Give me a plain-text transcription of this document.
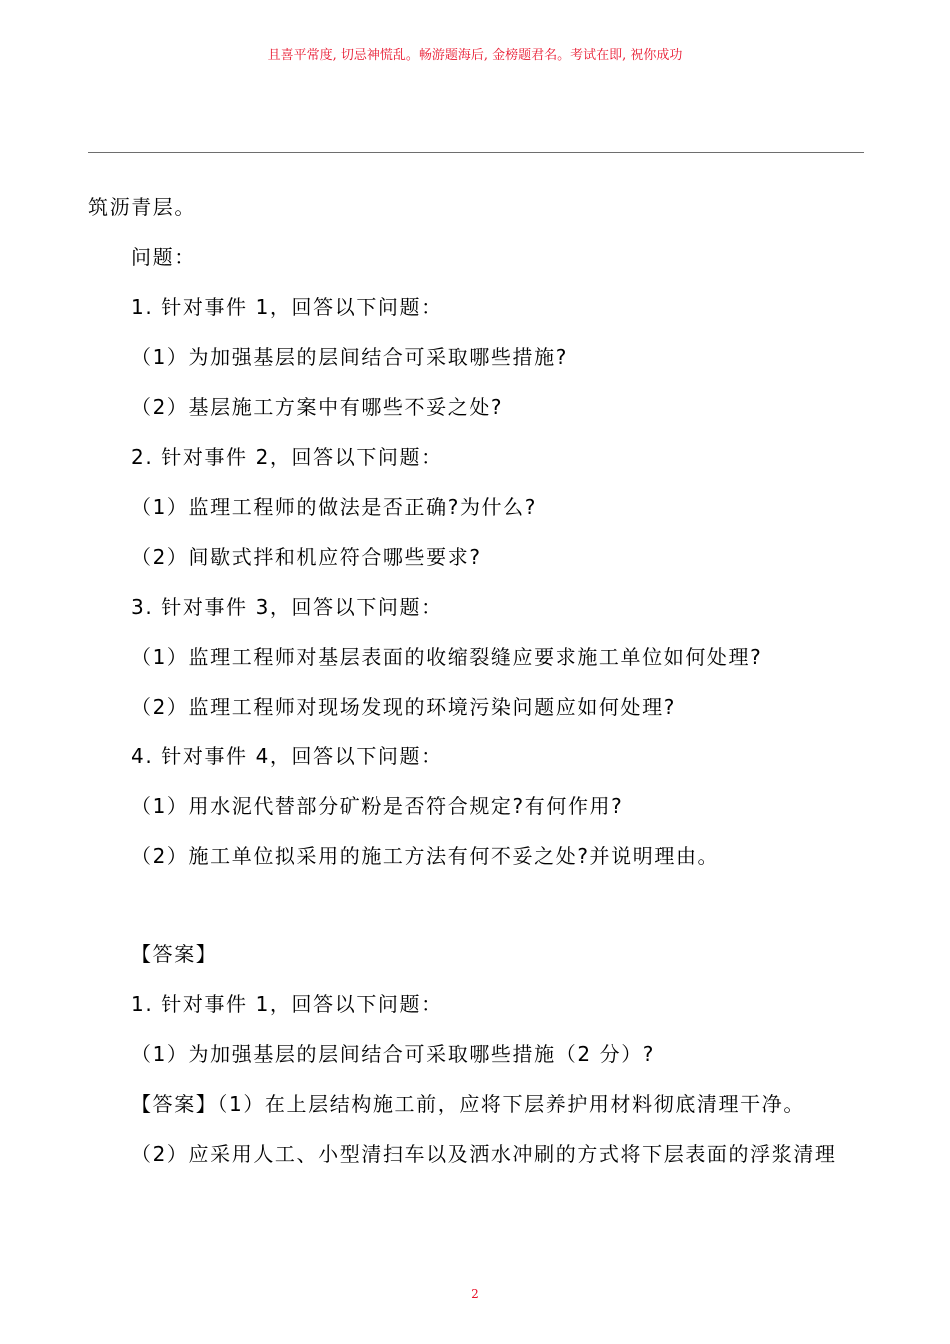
且喜平常度, 切忌神慌乱。畅游题海后, 金榜题君名。考试在即, 祝你成功
筑沥青层。
问题：
1. 针对事件 1，回答以下问题：
（1）为加强基层的层间结合可采取哪些措施?
（2）基层施工方案中有哪些不妥之处?
2. 针对事件 2，回答以下问题：
（1）监理工程师的做法是否正确?为什么?
（2）间歇式拌和机应符合哪些要求?
3. 针对事件 3，回答以下问题：
（1）监理工程师对基层表面的收缩裂缝应要求施工单位如何处理?
（2）监理工程师对现场发现的环境污染问题应如何处理?
4. 针对事件 4，回答以下问题：
（1）用水泥代替部分矿粉是否符合规定?有何作用?
（2）施工单位拟采用的施工方法有何不妥之处?并说明理由。
【答案】
1. 针对事件 1，回答以下问题：
（1）为加强基层的层间结合可采取哪些措施（2 分）?
【答案】（1）在上层结构施工前，应将下层养护用材料彻底清理干净。
（2）应采用人工、小型清扫车以及洒水冲刷的方式将下层表面的浮浆清理
2
